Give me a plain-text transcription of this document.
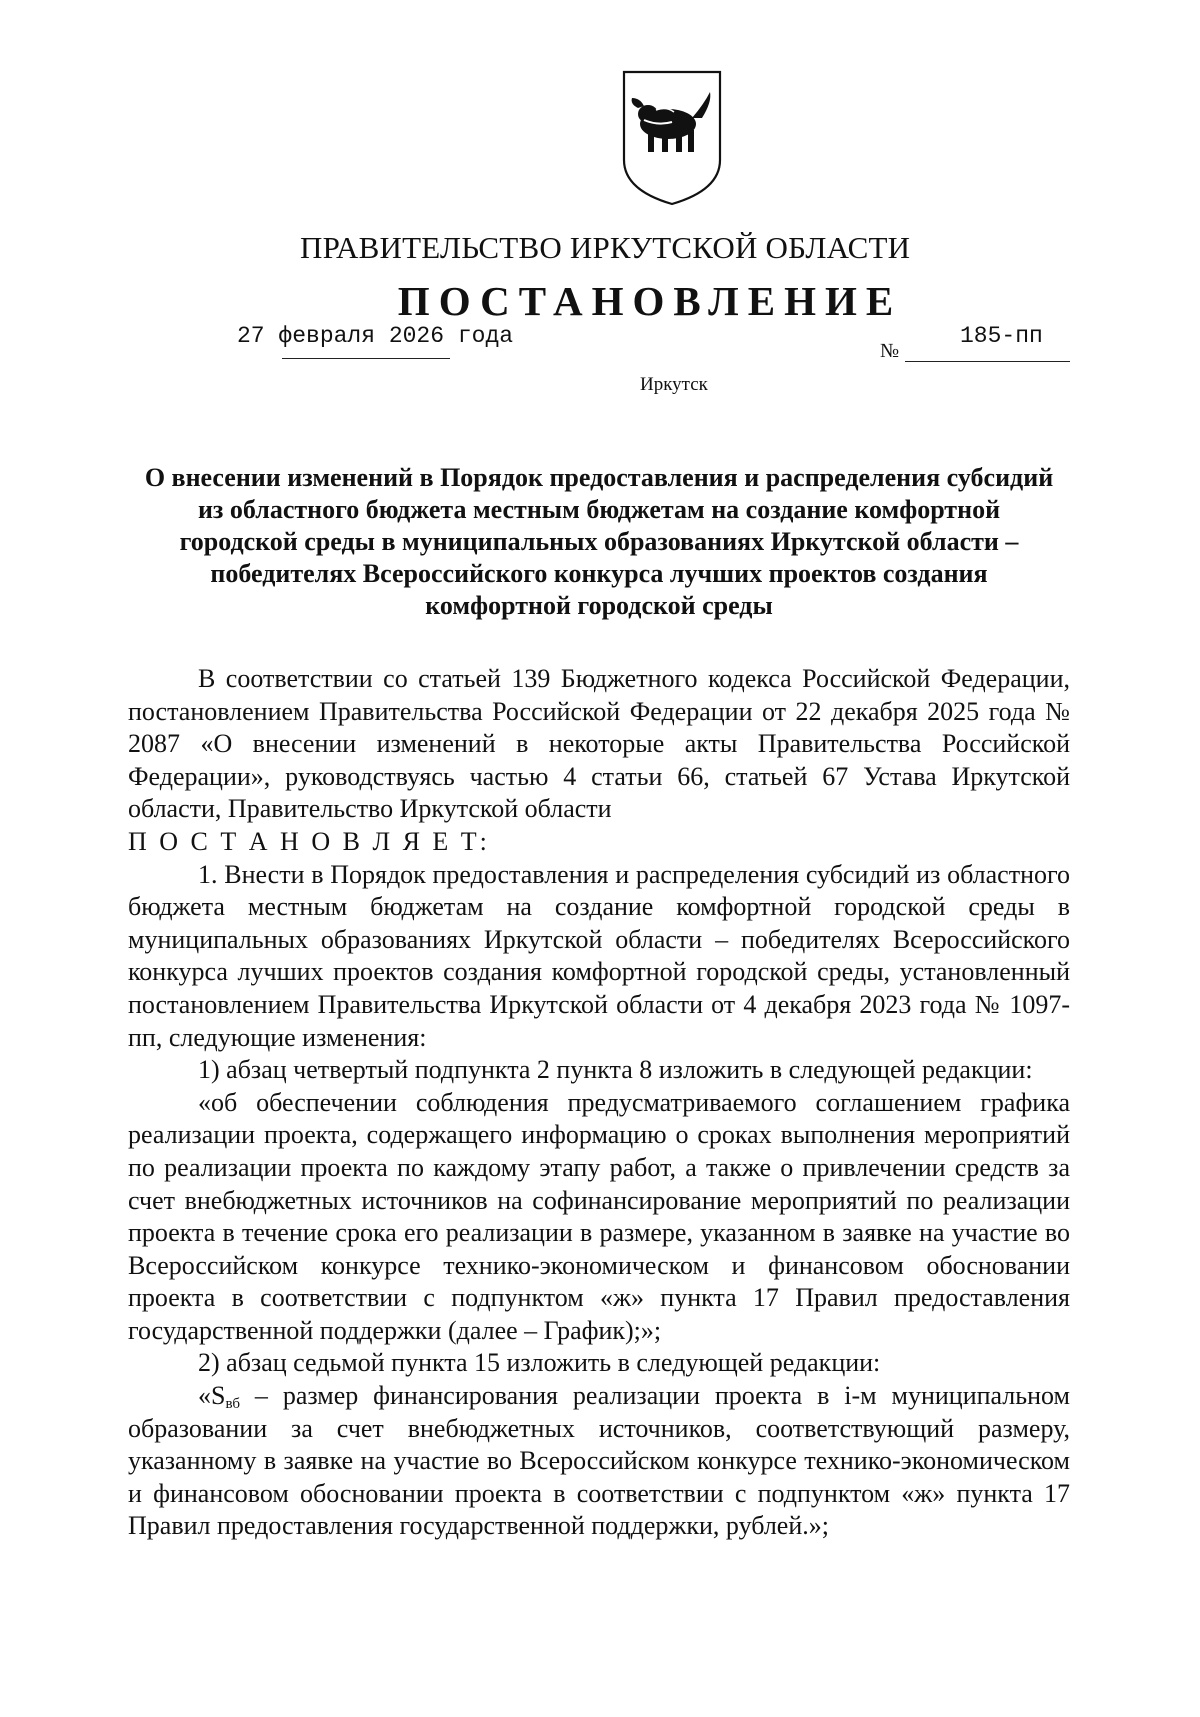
ПРАВИТЕЛЬСТВО ИРКУТСКОЙ ОБЛАСТИ
ПОСТАНОВЛЕНИЕ
27 февраля 2026 года
№
185-пп
Иркутск
О внесении изменений в Порядок предоставления и распределения субсидий
из областного бюджета местным бюджетам на создание комфортной
городской среды в муниципальных образованиях Иркутской области –
победителях Всероссийского конкурса лучших проектов создания
комфортной городской среды

В соответствии со статьей 139 Бюджетного кодекса Российской Федерации, постановлением Правительства Российской Федерации от 22 декабря 2025 года № 2087 «О внесении изменений в некоторые акты Правительства Российской Федерации», руководствуясь частью 4 статьи 66, статьей 67 Устава Иркутской области, Правительство Иркутской области

П О С Т А Н О В Л Я Е Т:

1. Внести в Порядок предоставления и распределения субсидий из областного бюджета местным бюджетам на создание комфортной городской среды в муниципальных образованиях Иркутской области – победителях Всероссийского конкурса лучших проектов создания комфортной городской среды, установленный постановлением Правительства Иркутской области от 4 декабря 2023 года № 1097-пп, следующие изменения:

1) абзац четвертый подпункта 2 пункта 8 изложить в следующей редакции:

«об обеспечении соблюдения предусматриваемого соглашением графика реализации проекта, содержащего информацию о сроках выполнения мероприятий по реализации проекта по каждому этапу работ, а также о привлечении средств за счет внебюджетных источников на софинансирование мероприятий по реализации проекта в течение срока его реализации в размере, указанном в заявке на участие во Всероссийском конкурсе технико-экономическом и финансовом обосновании проекта в соответствии с подпунктом «ж» пункта 17 Правил предоставления государственной поддержки (далее – График);»;

2) абзац седьмой пункта 15 изложить в следующей редакции:

«$S_{вб}$ – размер финансирования реализации проекта в i-м муниципальном образовании за счет внебюджетных источников, соответствующий размеру, указанному в заявке на участие во Всероссийском конкурсе технико-экономическом и финансовом обосновании проекта в соответствии с подпунктом «ж» пункта 17 Правил предоставления государственной поддержки, рублей.»;
